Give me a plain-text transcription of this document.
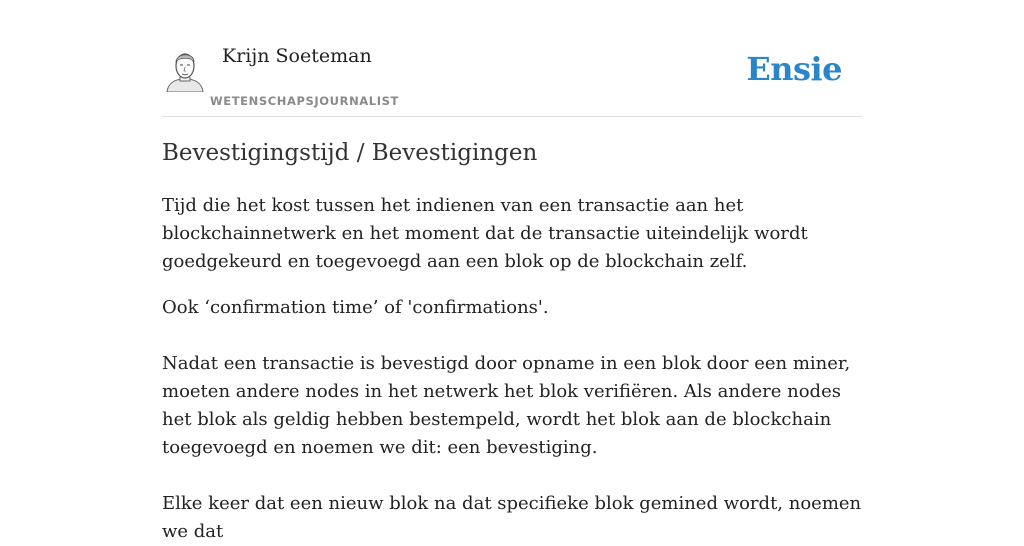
Krijn Soeteman
WETENSCHAPSJOURNALIST
Ensie
Bevestigingstijd / Bevestigingen

Tijd die het kost tussen het indienen van een transactie aan het blockchainnetwerk en het moment dat de transactie uiteindelijk wordt goedgekeurd en toegevoegd aan een blok op de blockchain zelf.

Ook ‘confirmation time’ of 'confirmations'.

Nadat een transactie is bevestigd door opname in een blok door een miner, moeten andere nodes in het netwerk het blok verifiëren. Als andere nodes het blok als geldig hebben bestempeld, wordt het blok aan de blockchain toegevoegd en noemen we dit: een bevestiging.

Elke keer dat een nieuw blok na dat specifieke blok gemined wordt, noemen we dat
